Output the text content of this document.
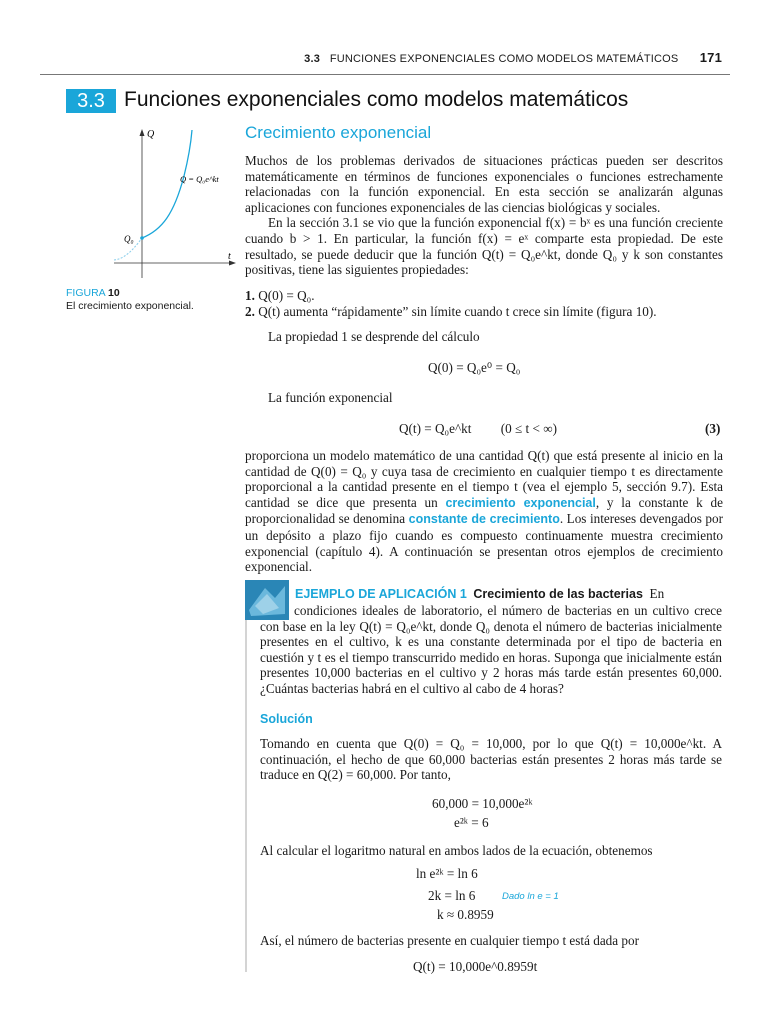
3.3 FUNCIONES EXPONENCIALES COMO MODELOS MATEMÁTICOS 171
3.3 Funciones exponenciales como modelos matemáticos
Q
t
Q = Q₀e^kt
Q₀
FIGURA 10
El crecimiento exponencial.
Crecimiento exponencial

Muchos de los problemas derivados de situaciones prácticas pueden ser descritos matemáticamente en términos de funciones exponenciales o funciones estrechamente relacionadas con la función exponencial. En esta sección se analizarán algunas aplicaciones con funciones exponenciales de las ciencias biológicas y sociales.

En la sección 3.1 se vio que la función exponencial f(x) = bˣ es una función creciente cuando b > 1. En particular, la función f(x) = eˣ comparte esta propiedad. De este resultado, se puede deducir que la función Q(t) = Q₀e^kt, donde Q₀ y k son constantes positivas, tiene las siguientes propiedades:

1. Q(0) = Q₀.

2. Q(t) aumenta “rápidamente” sin límite cuando t crece sin límite (figura 10).

La propiedad 1 se desprende del cálculo
Q(0) = Q₀e⁰ = Q₀
La función exponencial
Q(t) = Q₀e^kt (0 ≤ t < ∞)	(3)

proporciona un modelo matemático de una cantidad Q(t) que está presente al inicio en la cantidad de Q(0) = Q₀ y cuya tasa de crecimiento en cualquier tiempo t es directamente proporcional a la cantidad presente en el tiempo t (vea el ejemplo 5, sección 9.7). Esta cantidad se dice que presenta un crecimiento exponencial, y la constante k de proporcionalidad se denomina constante de crecimiento. Los intereses devengados por un depósito a plazo fijo cuando es compuesto continuamente muestra crecimiento exponencial (capítulo 4). A continuación se presentan otros ejemplos de crecimiento exponencial.

EJEMPLO DE APLICACIÓN 1 Crecimiento de las bacterias En
condiciones ideales de laboratorio, el número de bacterias en un cultivo crece con base en la ley Q(t) = Q₀e^kt, donde Q₀ denota el número de bacterias inicialmente presentes en el cultivo, k es una constante determinada por el tipo de bacteria en cuestión y t es el tiempo transcurrido medido en horas. Suponga que inicialmente están presentes 10,000 bacterias en el cultivo y 2 horas más tarde están presentes 60,000. ¿Cuántas bacterias habrá en el cultivo al cabo de 4 horas?
Solución
Tomando en cuenta que Q(0) = Q₀ = 10,000, por lo que Q(t) = 10,000e^kt. A continuación, el hecho de que 60,000 bacterias están presentes 2 horas más tarde se traduce en Q(2) = 60,000. Por tanto,
60,000 = 10,000e²ᵏ
e²ᵏ = 6
Al calcular el logaritmo natural en ambos lados de la ecuación, obtenemos
ln e²ᵏ = ln 6
2k = ln 6	Dado ln e = 1
k ≈ 0.8959
Así, el número de bacterias presente en cualquier tiempo t está dada por
Q(t) = 10,000e^0.8959t
